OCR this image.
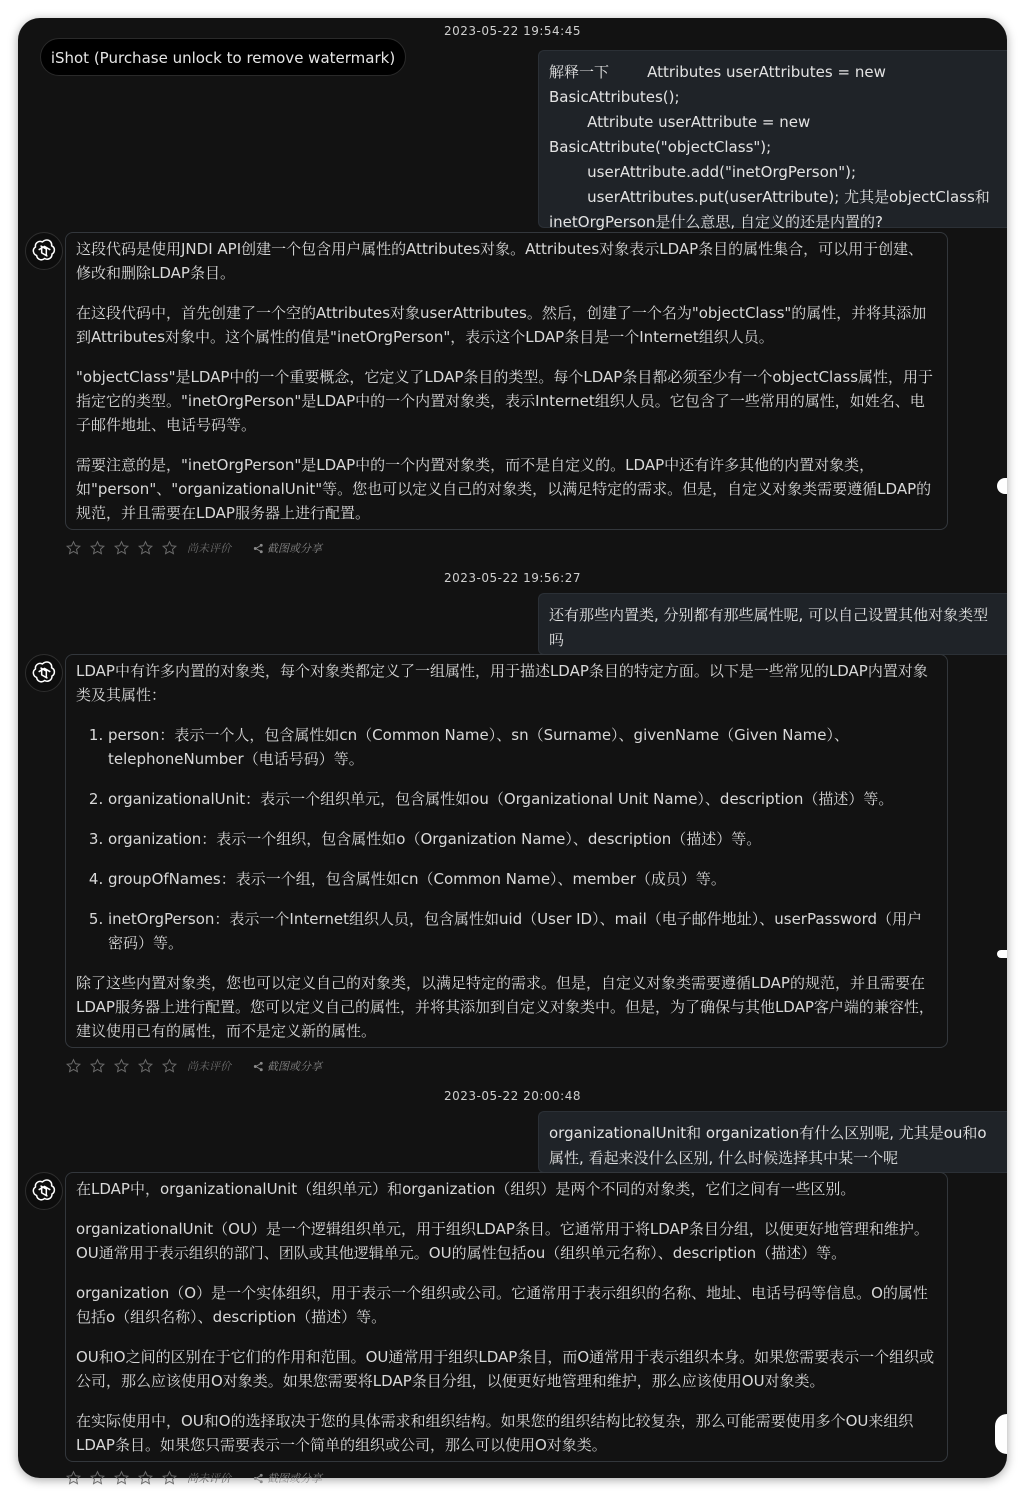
iShot (Purchase unlock to remove watermark)
2023-05-22 19:54:45
解释一下        Attributes userAttributes = new BasicAttributes();
Attribute userAttribute = new BasicAttribute("objectClass");
userAttribute.add("inetOrgPerson");
userAttributes.put(userAttribute); 尤其是objectClass和inetOrgPerson是什么意思, 自定义的还是内置的?

这段代码是使用JNDI API创建一个包含用户属性的Attributes对象。Attributes对象表示LDAP条目的属性集合，可以用于创建、修改和删除LDAP条目。

在这段代码中，首先创建了一个空的Attributes对象userAttributes。然后，创建了一个名为"objectClass"的属性，并将其添加到Attributes对象中。这个属性的值是"inetOrgPerson"，表示这个LDAP条目是一个Internet组织人员。

"objectClass"是LDAP中的一个重要概念，它定义了LDAP条目的类型。每个LDAP条目都必须至少有一个objectClass属性，用于指定它的类型。"inetOrgPerson"是LDAP中的一个内置对象类，表示Internet组织人员。它包含了一些常用的属性，如姓名、电子邮件地址、电话号码等。

需要注意的是，"inetOrgPerson"是LDAP中的一个内置对象类，而不是自定义的。LDAP中还有许多其他的内置对象类，如"person"、"organizationalUnit"等。您也可以定义自己的对象类，以满足特定的需求。但是，自定义对象类需要遵循LDAP的规范，并且需要在LDAP服务器上进行配置。

尚未评价	截图或分享
2023-05-22 19:56:27
还有那些内置类, 分别都有那些属性呢, 可以自己设置其他对象类型吗

LDAP中有许多内置的对象类，每个对象类都定义了一组属性，用于描述LDAP条目的特定方面。以下是一些常见的LDAP内置对象类及其属性：

1. person：表示一个人，包含属性如cn（Common Name）、sn（Surname）、givenName（Given Name）、telephoneNumber（电话号码）等。
2. organizationalUnit：表示一个组织单元，包含属性如ou（Organizational Unit Name）、description（描述）等。
3. organization：表示一个组织，包含属性如o（Organization Name）、description（描述）等。
4. groupOfNames：表示一个组，包含属性如cn（Common Name）、member（成员）等。
5. inetOrgPerson：表示一个Internet组织人员，包含属性如uid（User ID）、mail（电子邮件地址）、userPassword（用户密码）等。

除了这些内置对象类，您也可以定义自己的对象类，以满足特定的需求。但是，自定义对象类需要遵循LDAP的规范，并且需要在LDAP服务器上进行配置。您可以定义自己的属性，并将其添加到自定义对象类中。但是，为了确保与其他LDAP客户端的兼容性，建议使用已有的属性，而不是定义新的属性。

尚未评价	截图或分享
2023-05-22 20:00:48
organizationalUnit和 organization有什么区别呢, 尤其是ou和o属性, 看起来没什么区别, 什么时候选择其中某一个呢

在LDAP中，organizationalUnit（组织单元）和organization（组织）是两个不同的对象类，它们之间有一些区别。

organizationalUnit（OU）是一个逻辑组织单元，用于组织LDAP条目。它通常用于将LDAP条目分组，以便更好地管理和维护。OU通常用于表示组织的部门、团队或其他逻辑单元。OU的属性包括ou（组织单元名称）、description（描述）等。

organization（O）是一个实体组织，用于表示一个组织或公司。它通常用于表示组织的名称、地址、电话号码等信息。O的属性包括o（组织名称）、description（描述）等。

OU和O之间的区别在于它们的作用和范围。OU通常用于组织LDAP条目，而O通常用于表示组织本身。如果您需要表示一个组织或公司，那么应该使用O对象类。如果您需要将LDAP条目分组，以便更好地管理和维护，那么应该使用OU对象类。

在实际使用中，OU和O的选择取决于您的具体需求和组织结构。如果您的组织结构比较复杂，那么可能需要使用多个OU来组织LDAP条目。如果您只需要表示一个简单的组织或公司，那么可以使用O对象类。

尚未评价	截图或分享
